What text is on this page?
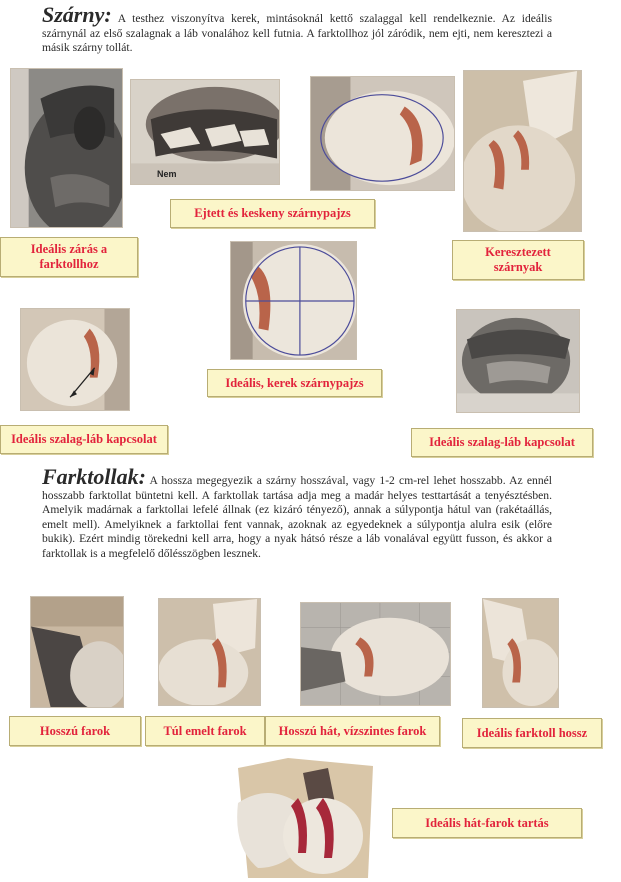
Szárny: A testhez viszonyítva kerek, mintásoknál kettő szalaggal kell rendelkeznie. Az ideális szárnynál az első szalagnak a láb vonalához kell futnia. A farktollhoz jól záródik, nem ejti, nem keresztezi a másik szárny tollát.
Nem
Ejtett és keskeny szárnypajzs
Ideális zárás a
farktollhoz
Keresztezett
szárnyak
Ideális, kerek szárnypajzs
Ideális szalag-láb kapcsolat	Ideális szalag-láb kapcsolat
Farktollak: A hossza megegyezik a szárny hosszával, vagy 1-2 cm-rel lehet hosszabb. Az ennél hosszabb farktollat büntetni kell. A farktollak tartása adja meg a madár helyes testtartását a tenyésztésben. Amelyik madárnak a farktollai lefelé állnak (ez kizáró tényező), annak a súlypontja hátul van (rakétaállás, emelt mell). Amelyiknek a farktollai fent vannak, azoknak az egyedeknek a súlypontja alulra esik (előre bukik). Ezért mindig törekedni kell arra, hogy a nyak hátsó része a láb vonalával együtt fusson, és akkor a farktollak is a megfelelő dőlésszögben lesznek.
Hosszú farok	Túl emelt farok	Hosszú hát, vízszintes farok	Ideális farktoll hossz
Ideális hát-farok tartás
